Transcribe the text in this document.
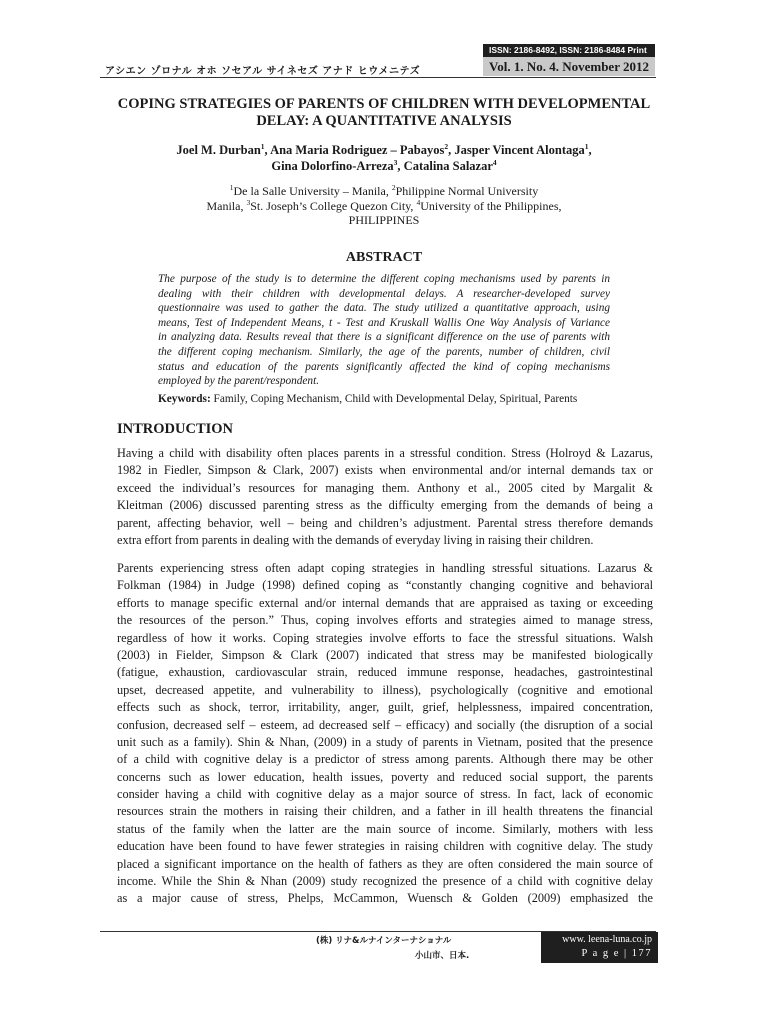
ISSN: 2186-8492, ISSN: 2186-8484 Print
Vol. 1. No. 4. November 2012
アシエン ゾロナル オホ ソセアル サイネセズ アナド ヒウメニテズ
COPING STRATEGIES OF PARENTS OF CHILDREN WITH DEVELOPMENTAL
DELAY: A QUANTITATIVE ANALYSIS
Joel M. Durban$^1$, Ana Maria Rodriguez – Pabayos$^2$, Jasper Vincent Alontaga$^1$,
Gina Dolorfino-Arreza$^3$, Catalina Salazar$^4$
$^1$De la Salle University – Manila, $^2$Philippine Normal University
Manila, $^3$St. Joseph’s College Quezon City, $^4$University of the Philippines,
PHILIPPINES
ABSTRACT
The purpose of the study is to determine the different coping mechanisms used by parents in
dealing with their children with developmental delays. A researcher-developed survey
questionnaire was used to gather the data. The study utilized a quantitative approach, using
means, Test of Independent Means, t - Test and Kruskall Wallis One Way Analysis of Variance
in analyzing data. Results reveal that there is a significant difference on the use of parents with
the different coping mechanism. Similarly, the age of the parents, number of children, civil
status and education of the parents significantly affected the kind of coping mechanisms
employed by the parent/respondent.
Keywords: Family, Coping Mechanism, Child with Developmental Delay, Spiritual, Parents
INTRODUCTION
Having a child with disability often places parents in a stressful condition. Stress (Holroyd & Lazarus,
1982 in Fiedler, Simpson & Clark, 2007) exists when environmental and/or internal demands tax or
exceed the individual’s resources for managing them. Anthony et al., 2005 cited by Margalit &
Kleitman (2006) discussed parenting stress as the difficulty emerging from the demands of being a
parent, affecting behavior, well – being and children’s adjustment. Parental stress therefore demands
extra effort from parents in dealing with the demands of everyday living in raising their children.
Parents experiencing stress often adapt coping strategies in handling stressful situations. Lazarus &
Folkman (1984) in Judge (1998) defined coping as “constantly changing cognitive and behavioral
efforts to manage specific external and/or internal demands that are appraised as taxing or exceeding
the resources of the person.” Thus, coping involves efforts and strategies aimed to manage stress,
regardless of how it works. Coping strategies involve efforts to face the stressful situations. Walsh
(2003) in Fielder, Simpson & Clark (2007) indicated that stress may be manifested biologically
(fatigue, exhaustion, cardiovascular strain, reduced immune response, headaches, gastrointestinal
upset, decreased appetite, and vulnerability to illness), psychologically (cognitive and emotional
effects such as shock, terror, irritability, anger, guilt, grief, helplessness, impaired concentration,
confusion, decreased self – esteem, ad decreased self – efficacy) and socially (the disruption of a social
unit such as a family). Shin & Nhan, (2009) in a study of parents in Vietnam, posited that the presence
of a child with cognitive delay is a predictor of stress among parents. Although there may be other
concerns such as lower education, health issues, poverty and reduced social support, the parents
consider having a child with cognitive delay as a major source of stress. In fact, lack of economic
resources strain the mothers in raising their children, and a father in ill health threatens the financial
status of the family when the latter are the main source of income. Similarly, mothers with less
education have been found to have fewer strategies in raising children with cognitive delay. The study
placed a significant importance on the health of fathers as they are often considered the main source of
income. While the Shin & Nhan (2009) study recognized the presence of a child with cognitive delay
as a major cause of stress, Phelps, McCammon, Wuensch & Golden (2009) emphasized the
(株) リナ&ルナインターナショナル
小山市、日本.
www. leena-luna.co.jp
P a g e | 177
